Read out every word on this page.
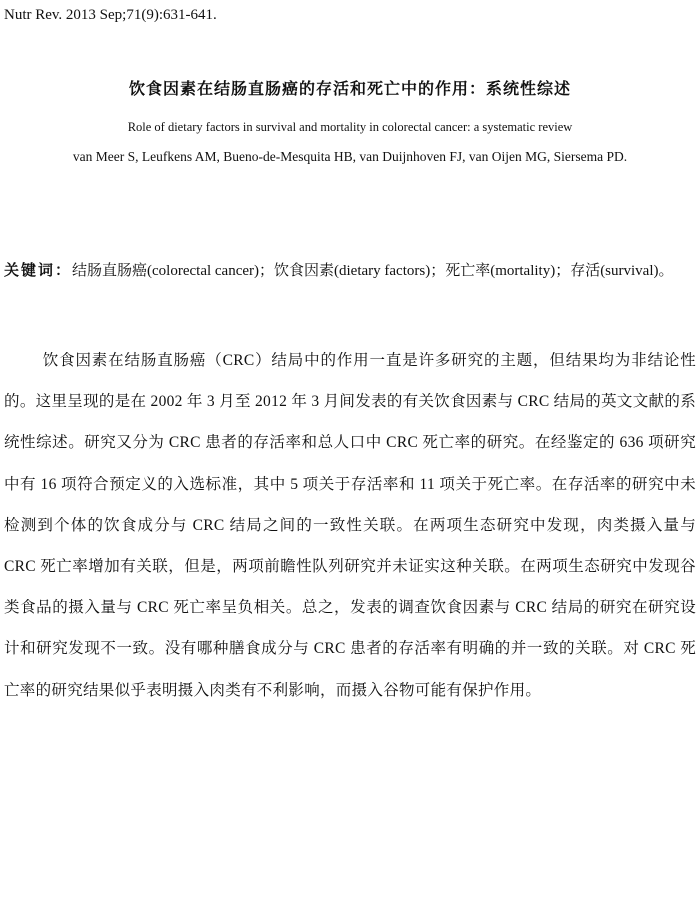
Nutr Rev. 2013 Sep;71(9):631-641.
饮食因素在结肠直肠癌的存活和死亡中的作用：系统性综述
Role of dietary factors in survival and mortality in colorectal cancer: a systematic review
van Meer S, Leufkens AM, Bueno-de-Mesquita HB, van Duijnhoven FJ, van Oijen MG, Siersema PD.
关键词：结肠直肠癌(colorectal cancer)；饮食因素(dietary factors)；死亡率(mortality)；存活(survival)。
饮食因素在结肠直肠癌（CRC）结局中的作用一直是许多研究的主题，但结果均为非结论性的。这里呈现的是在 2002 年 3 月至 2012 年 3 月间发表的有关饮食因素与 CRC 结局的英文文献的系统性综述。研究又分为 CRC 患者的存活率和总人口中 CRC 死亡率的研究。在经鉴定的 636 项研究中有 16 项符合预定义的入选标准，其中 5 项关于存活率和 11 项关于死亡率。在存活率的研究中未检测到个体的饮食成分与 CRC 结局之间的一致性关联。在两项生态研究中发现，肉类摄入量与 CRC 死亡率增加有关联，但是，两项前瞻性队列研究并未证实这种关联。在两项生态研究中发现谷类食品的摄入量与 CRC 死亡率呈负相关。总之，发表的调查饮食因素与 CRC 结局的研究在研究设计和研究发现不一致。没有哪种膳食成分与 CRC 患者的存活率有明确的并一致的关联。对 CRC 死亡率的研究结果似乎表明摄入肉类有不利影响，而摄入谷物可能有保护作用。
